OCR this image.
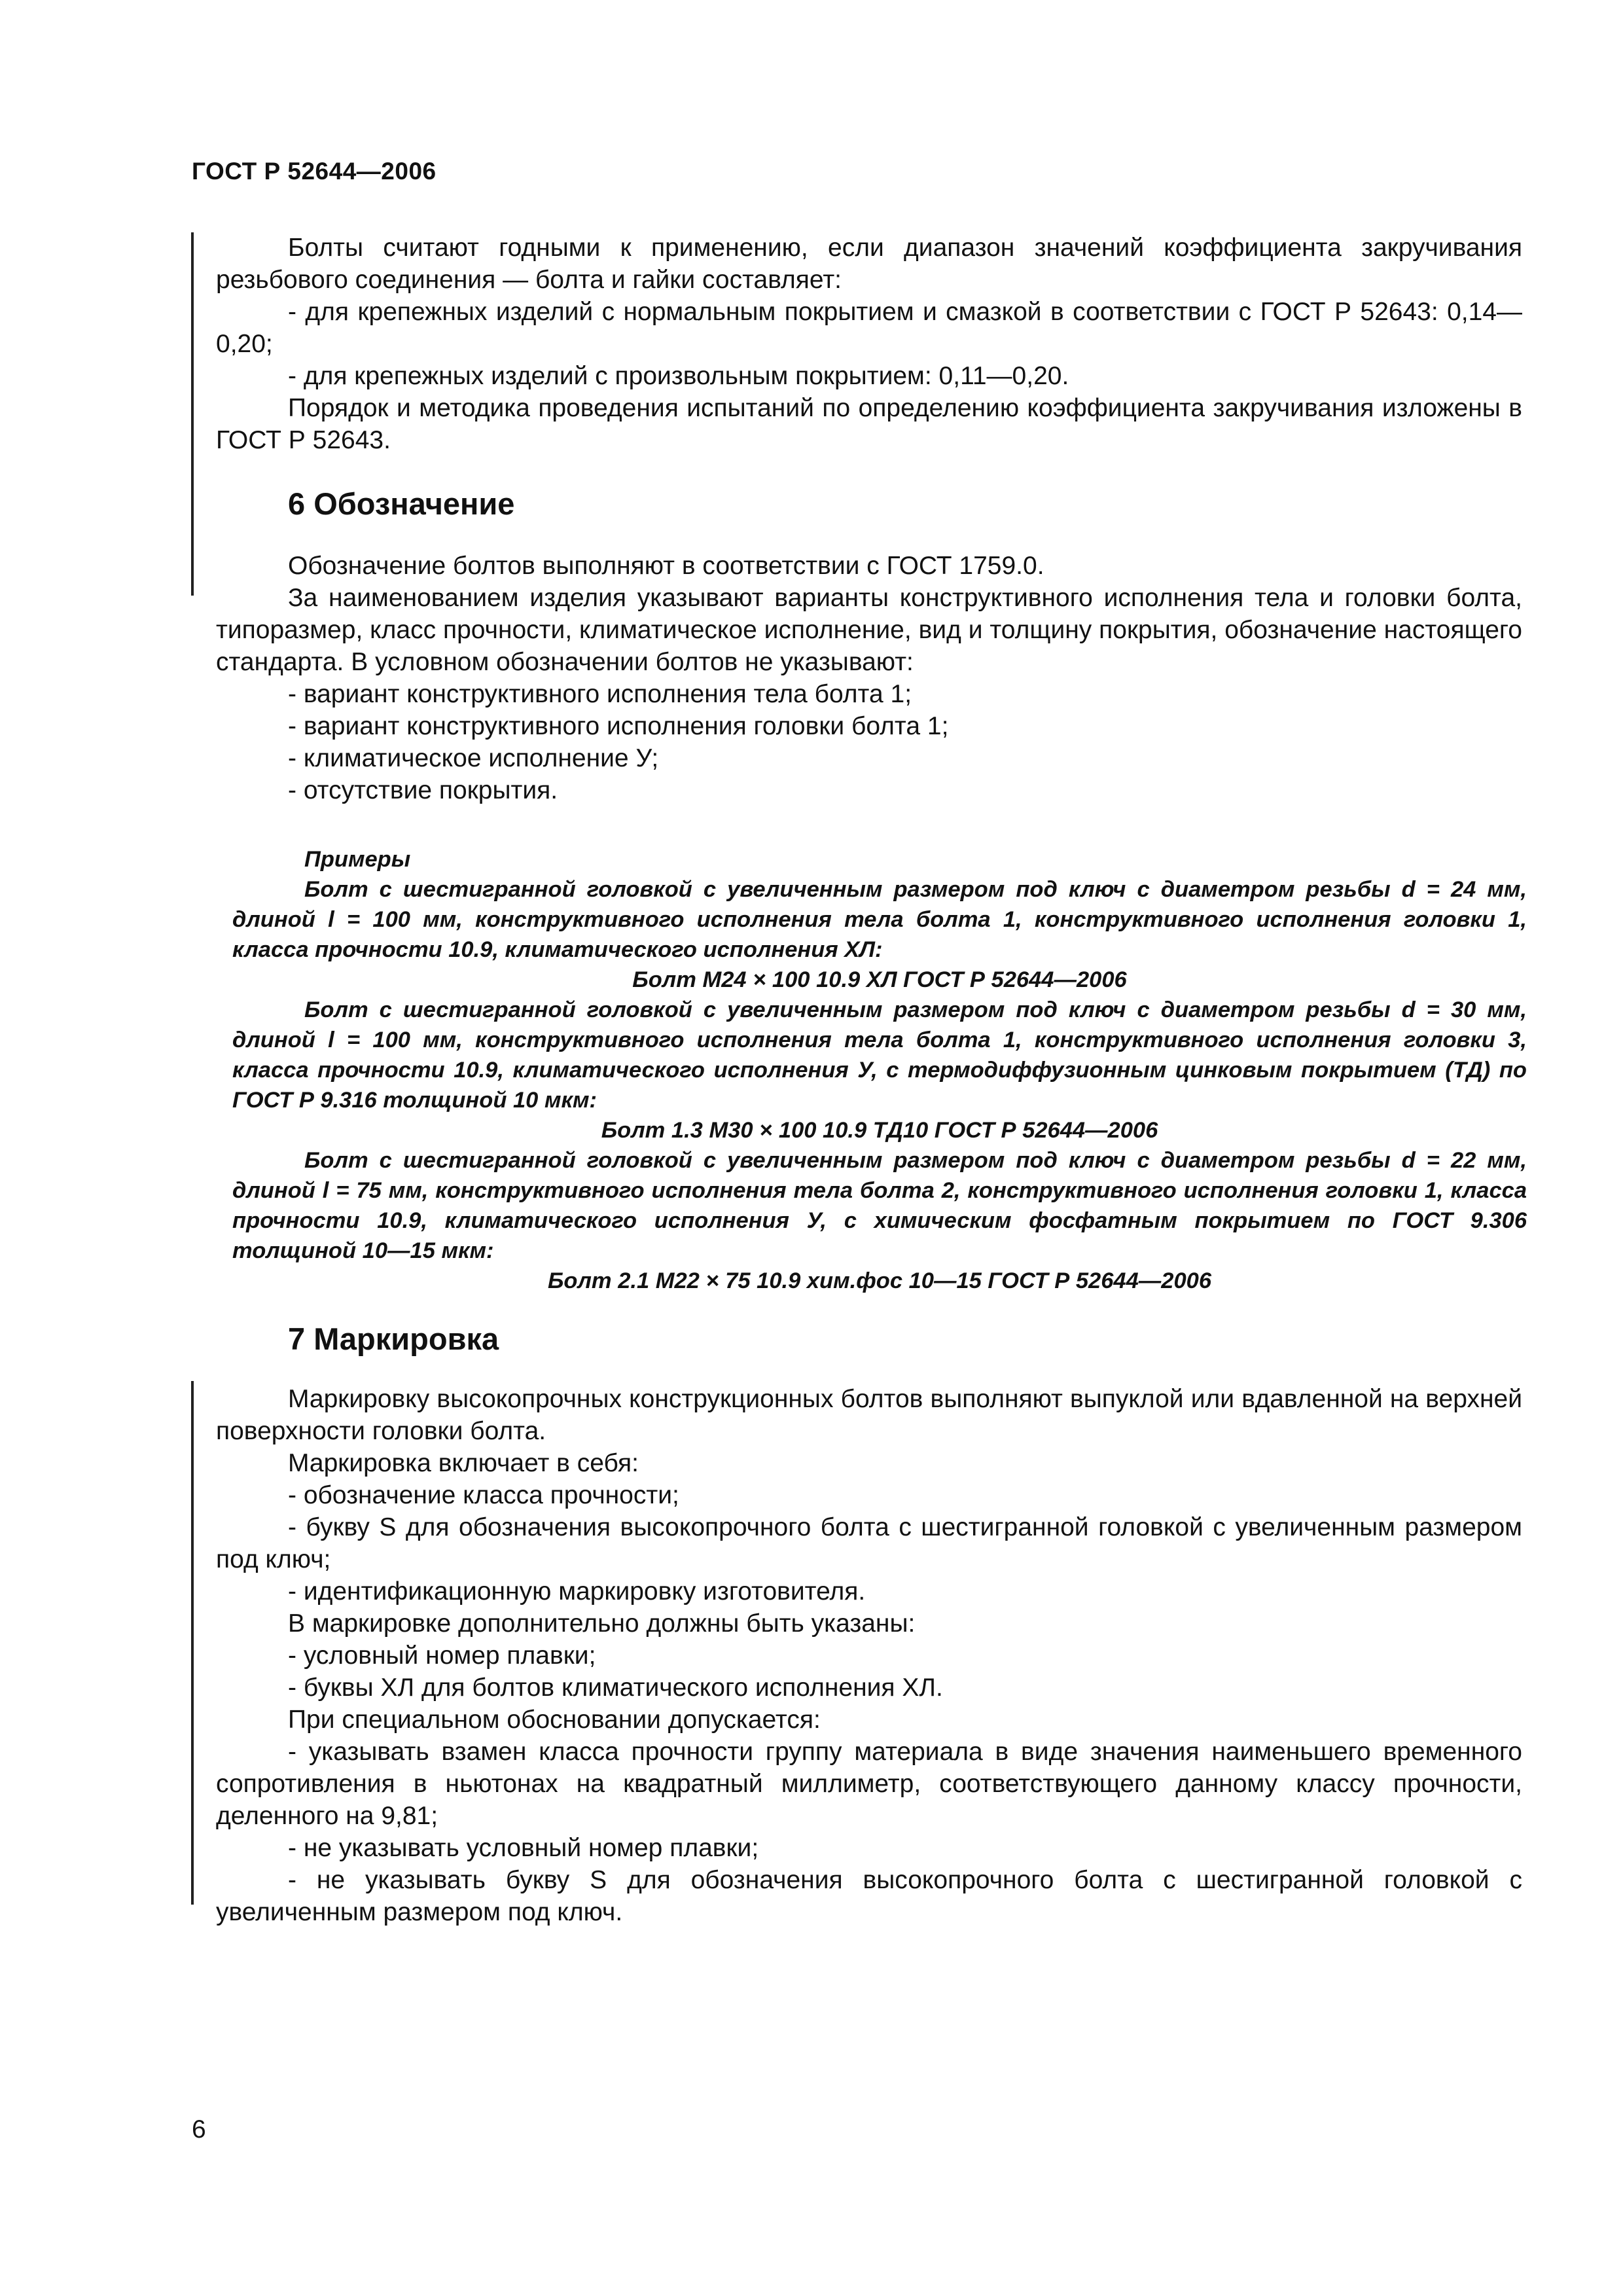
ГОСТ Р 52644—2006

Болты считают годными к применению, если диапазон значений коэффициента закручивания резьбового соединения — болта и гайки составляет:

- для крепежных изделий с нормальным покрытием и смазкой в соответствии с ГОСТ Р 52643: 0,14—0,20;

- для крепежных изделий с произвольным покрытием: 0,11—0,20.

Порядок и методика проведения испытаний по определению коэффициента закручивания изложены в ГОСТ Р 52643.

6 Обозначение

Обозначение болтов выполняют в соответствии с ГОСТ 1759.0.

За наименованием изделия указывают варианты конструктивного исполнения тела и головки болта, типоразмер, класс прочности, климатическое исполнение, вид и толщину покрытия, обозначение настоящего стандарта. В условном обозначении болтов не указывают:

- вариант конструктивного исполнения тела болта 1;

- вариант конструктивного исполнения головки болта 1;

- климатическое исполнение У;

- отсутствие покрытия.

Примеры

Болт с шестигранной головкой с увеличенным размером под ключ с диаметром резьбы d = 24 мм, длиной l = 100 мм, конструктивного исполнения тела болта 1, конструктивного исполнения головки 1, класса прочности 10.9, климатического исполнения ХЛ:

Болт М24 × 100 10.9 ХЛ ГОСТ Р 52644—2006

Болт с шестигранной головкой с увеличенным размером под ключ с диаметром резьбы d = 30 мм, длиной l = 100 мм, конструктивного исполнения тела болта 1, конструктивного исполнения головки 3, класса прочности 10.9, климатического исполнения У, с термодиффузионным цинковым покрытием (ТД) по ГОСТ Р 9.316 толщиной 10 мкм:

Болт 1.3 М30 × 100 10.9 ТД10 ГОСТ Р 52644—2006

Болт с шестигранной головкой с увеличенным размером под ключ с диаметром резьбы d = 22 мм, длиной l = 75 мм, конструктивного исполнения тела болта 2, конструктивного исполнения головки 1, класса прочности 10.9, климатического исполнения У, с химическим фосфатным покрытием по ГОСТ 9.306 толщиной 10—15 мкм:

Болт 2.1 М22 × 75 10.9 хим.фос 10—15 ГОСТ Р 52644—2006

7 Маркировка

Маркировку высокопрочных конструкционных болтов выполняют выпуклой или вдавленной на верхней поверхности головки болта.

Маркировка включает в себя:

- обозначение класса прочности;

- букву S для обозначения высокопрочного болта с шестигранной головкой с увеличенным размером под ключ;

- идентификационную маркировку изготовителя.

В маркировке дополнительно должны быть указаны:

- условный номер плавки;

- буквы ХЛ для болтов климатического исполнения ХЛ.

При специальном обосновании допускается:

- указывать взамен класса прочности группу материала в виде значения наименьшего временного сопротивления в ньютонах на квадратный миллиметр, соответствующего данному классу прочности, деленного на 9,81;

- не указывать условный номер плавки;

- не указывать букву S для обозначения высокопрочного болта с шестигранной головкой с увеличенным размером под ключ.

6
